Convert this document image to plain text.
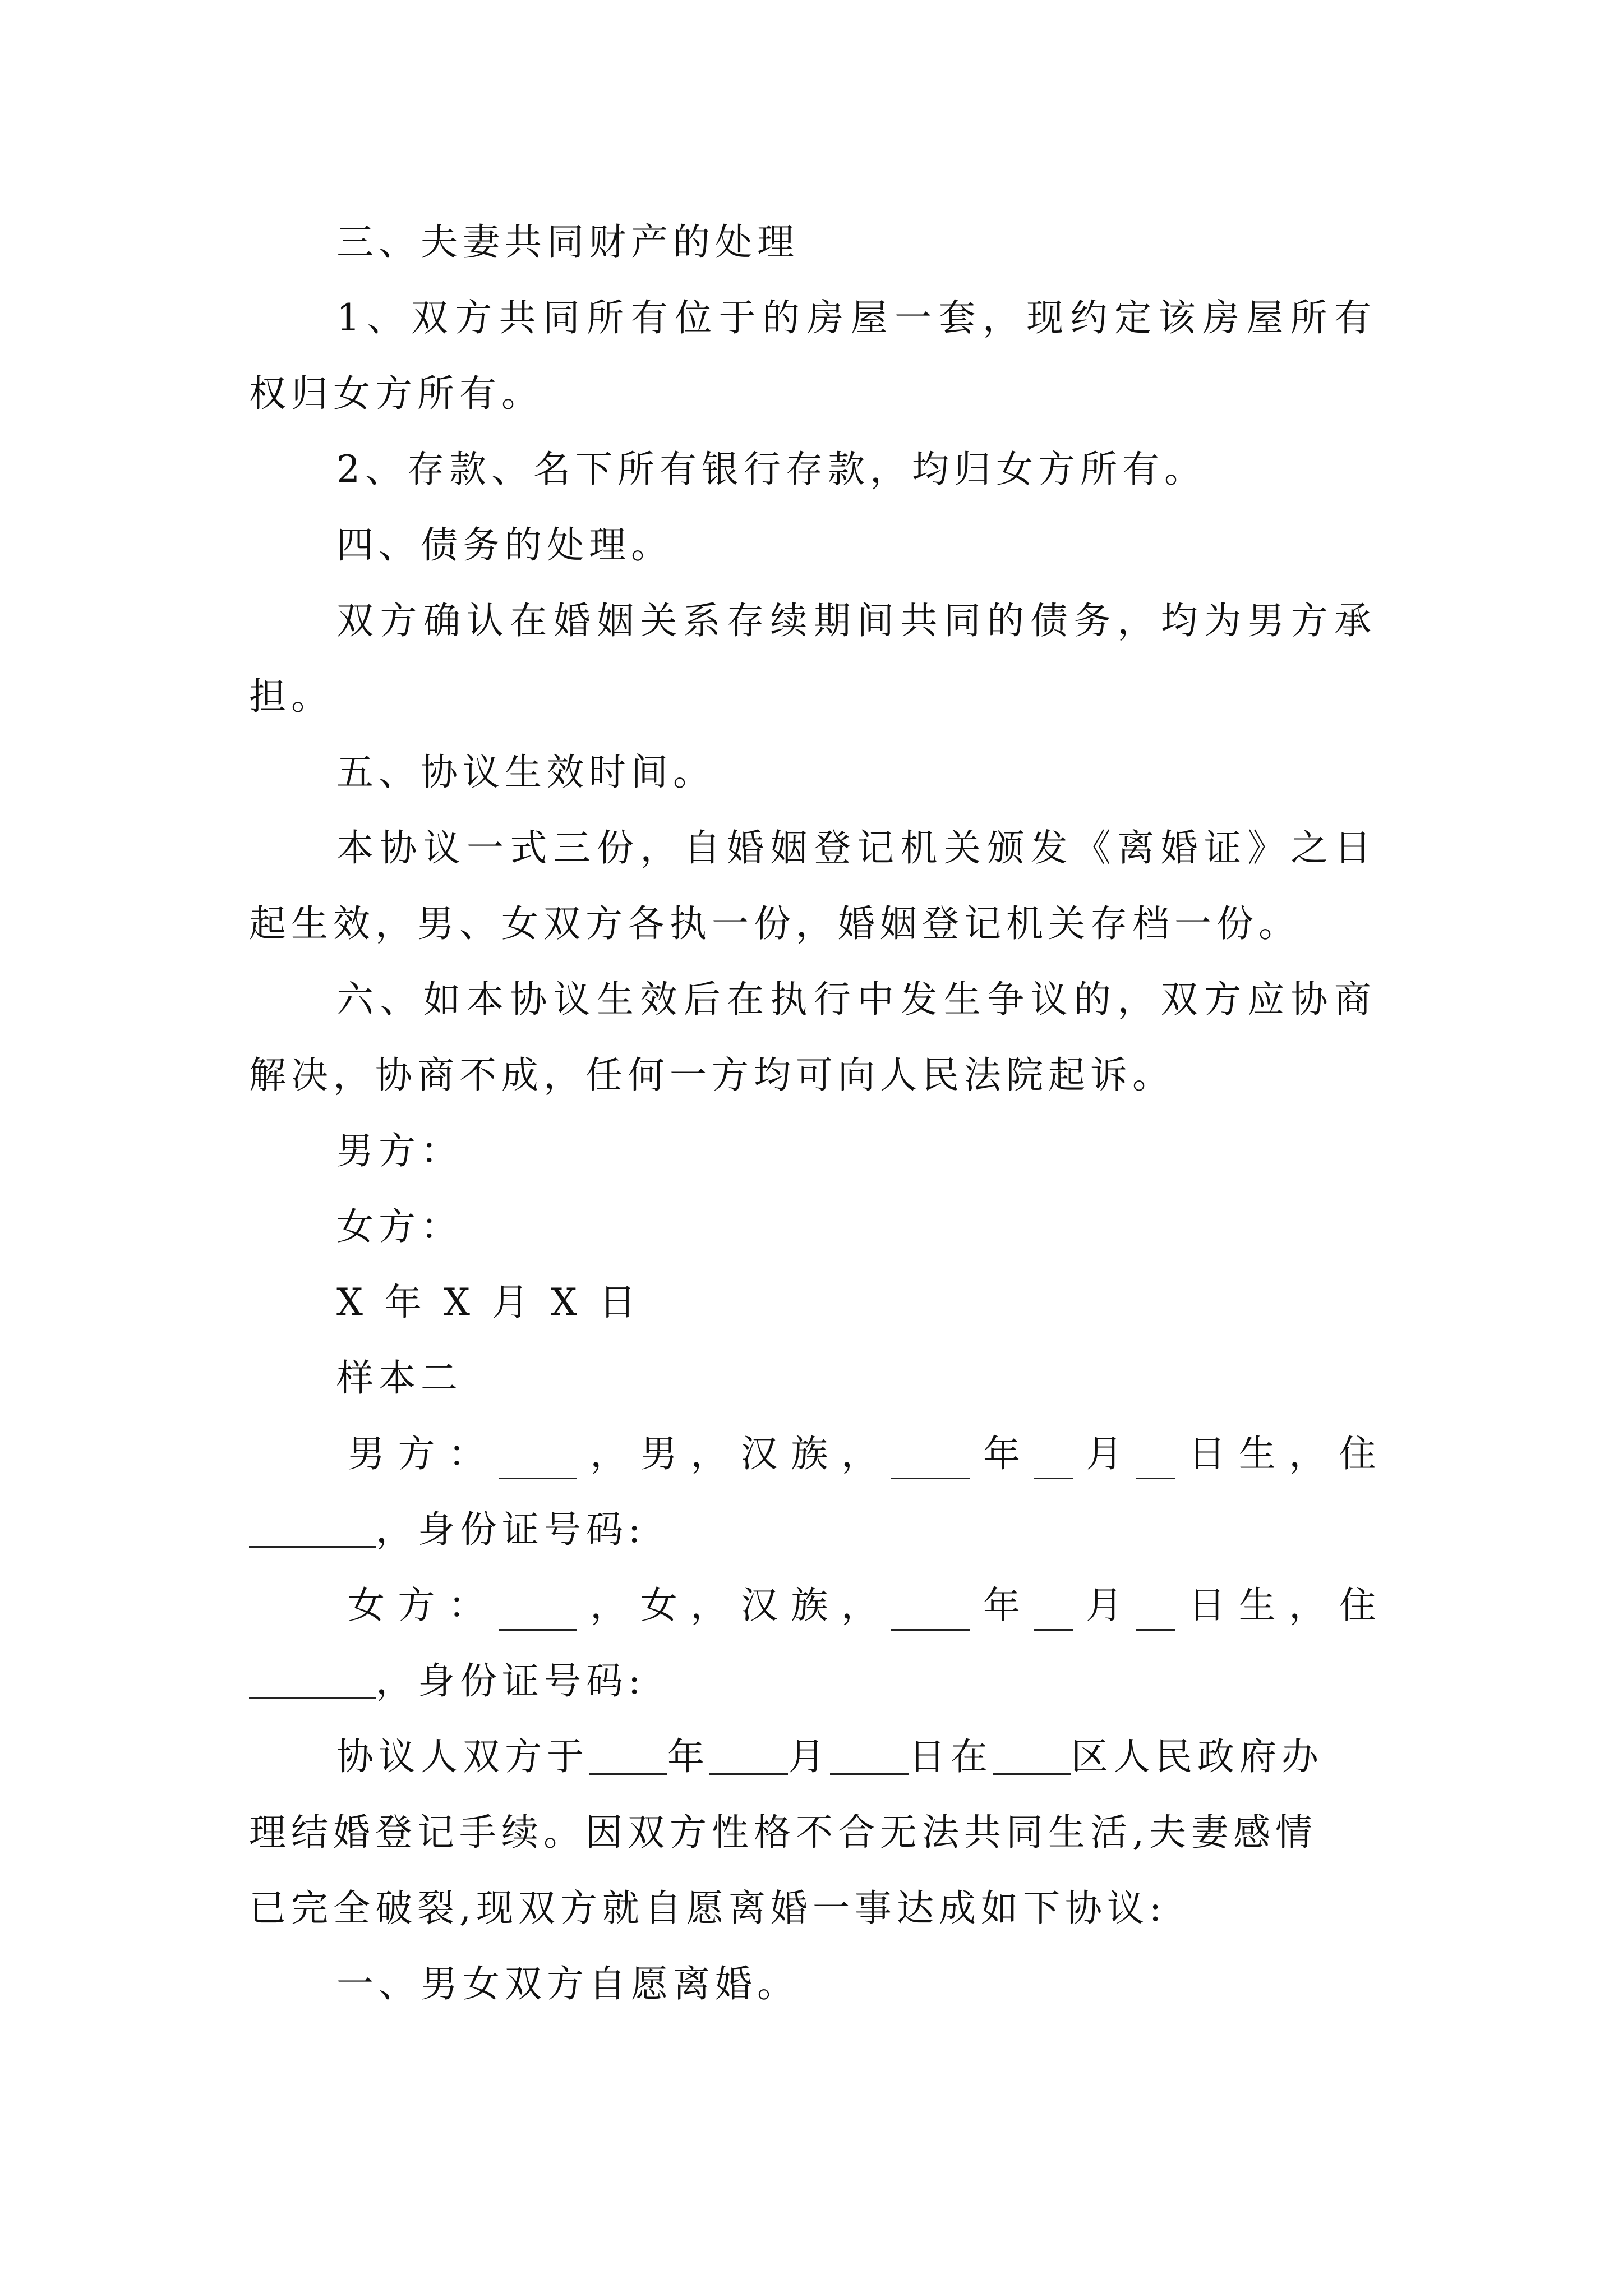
三、夫妻共同财产的处理
1、双方共同所有位于的房屋一套，现约定该房屋所有
权归女方所有。
2、存款、名下所有银行存款，均归女方所有。
四、债务的处理。
双方确认在婚姻关系存续期间共同的债务，均为男方承
担。
五、协议生效时间。
本协议一式三份，自婚姻登记机关颁发《离婚证》之日
起生效，男、女双方各执一份，婚姻登记机关存档一份。
六、如本协议生效后在执行中发生争议的，双方应协商
解决，协商不成，任何一方均可向人民法院起诉。
男方：
女方：
X 年 X 月 X 日
样本二
男 方 ：	， 男 ， 汉 族 ，	年 月 日 生 ， 住
，身份证号码:
女 方 ：	， 女 ， 汉 族 ，	年 月 日 生 ， 住
，身份证号码:
协议人双方于 年 月 日在 区人民政府办
理结婚登记手续。因双方性格不合无法共同生活,夫妻感情
已完全破裂,现双方就自愿离婚一事达成如下协议:
一、男女双方自愿离婚。
